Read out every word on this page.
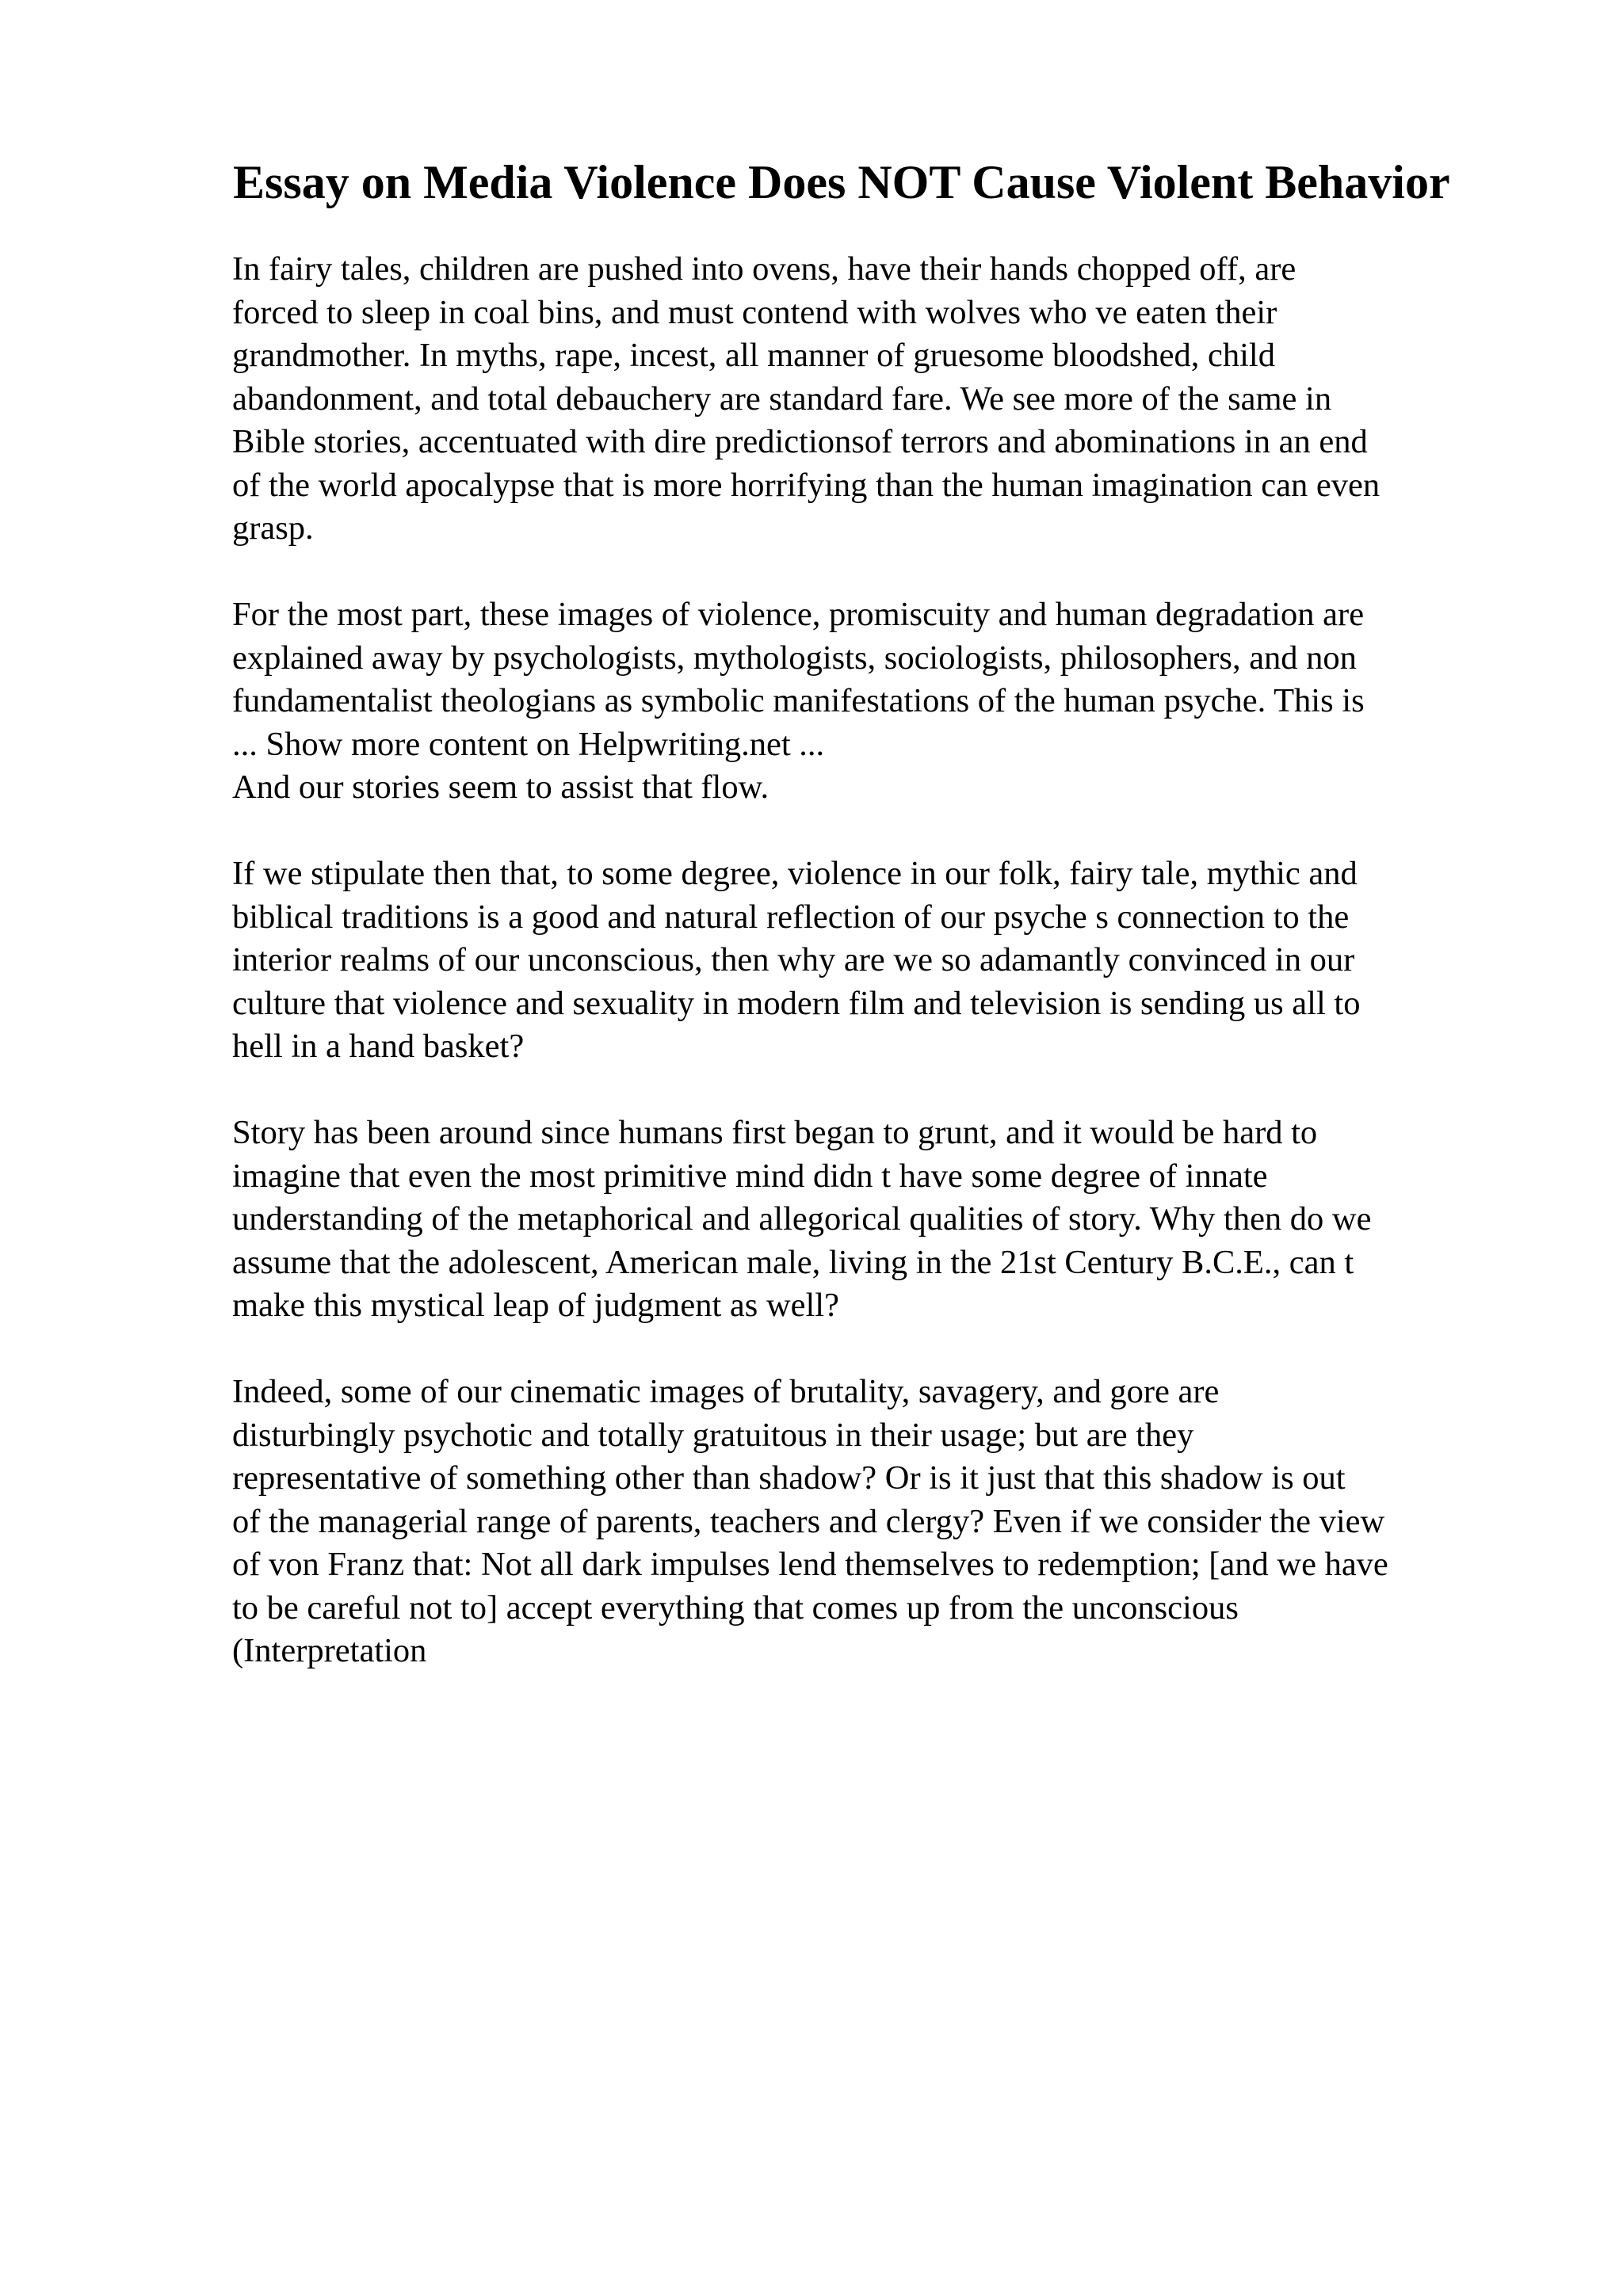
Essay on Media Violence Does NOT Cause Violent Behavior

In fairy tales, children are pushed into ovens, have their hands chopped off, are
forced to sleep in coal bins, and must contend with wolves who ve eaten their
grandmother. In myths, rape, incest, all manner of gruesome bloodshed, child
abandonment, and total debauchery are standard fare. We see more of the same in
Bible stories, accentuated with dire predictionsof terrors and abominations in an end
of the world apocalypse that is more horrifying than the human imagination can even
grasp.

For the most part, these images of violence, promiscuity and human degradation are
explained away by psychologists, mythologists, sociologists, philosophers, and non
fundamentalist theologians as symbolic manifestations of the human psyche. This is
... Show more content on Helpwriting.net ...
And our stories seem to assist that flow.

If we stipulate then that, to some degree, violence in our folk, fairy tale, mythic and
biblical traditions is a good and natural reflection of our psyche s connection to the
interior realms of our unconscious, then why are we so adamantly convinced in our
culture that violence and sexuality in modern film and television is sending us all to
hell in a hand basket?

Story has been around since humans first began to grunt, and it would be hard to
imagine that even the most primitive mind didn t have some degree of innate
understanding of the metaphorical and allegorical qualities of story. Why then do we
assume that the adolescent, American male, living in the 21st Century B.C.E., can t
make this mystical leap of judgment as well?

Indeed, some of our cinematic images of brutality, savagery, and gore are
disturbingly psychotic and totally gratuitous in their usage; but are they
representative of something other than shadow? Or is it just that this shadow is out
of the managerial range of parents, teachers and clergy? Even if we consider the view
of von Franz that: Not all dark impulses lend themselves to redemption; [and we have
to be careful not to] accept everything that comes up from the unconscious
(Interpretation
